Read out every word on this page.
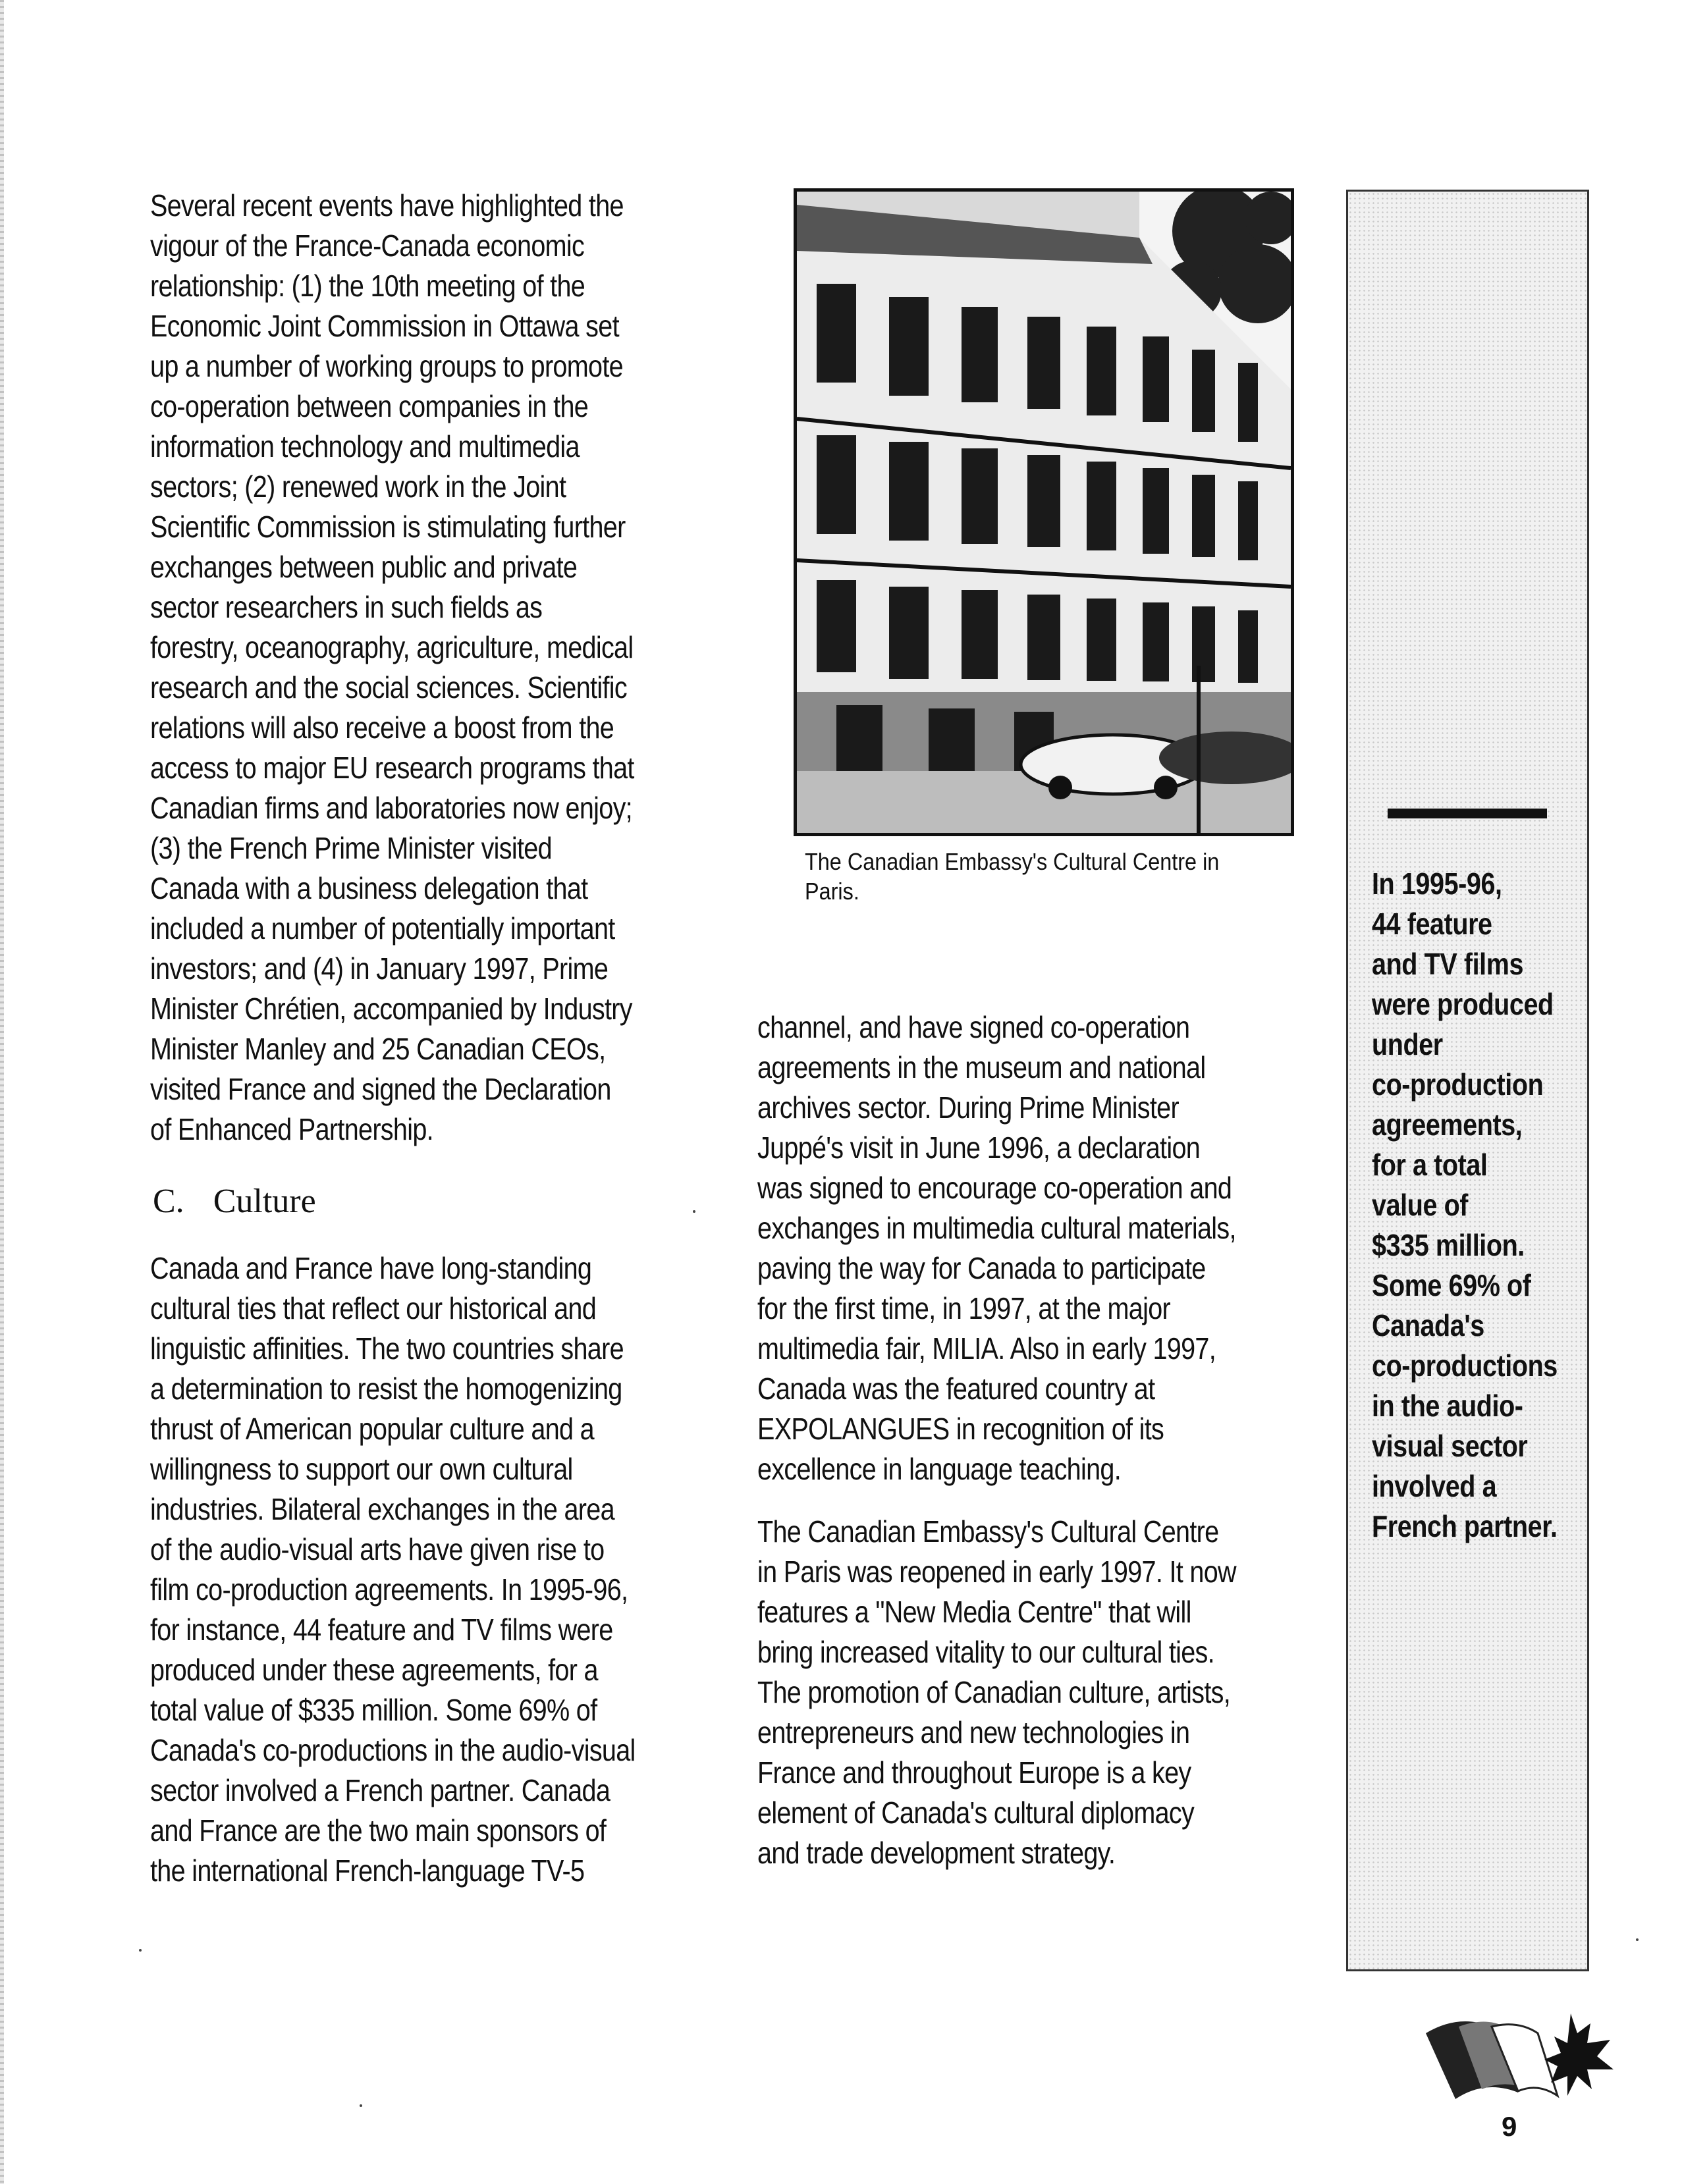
Several recent events have highlighted the
vigour of the France-Canada economic
relationship: (1) the 10th meeting of the
Economic Joint Commission in Ottawa set
up a number of working groups to promote
co-operation between companies in the
information technology and multimedia
sectors; (2) renewed work in the Joint
Scientific Commission is stimulating further
exchanges between public and private
sector researchers in such fields as
forestry, oceanography, agriculture, medical
research and the social sciences. Scientific
relations will also receive a boost from the
access to major EU research programs that
Canadian firms and laboratories now enjoy;
(3) the French Prime Minister visited
Canada with a business delegation that
included a number of potentially important
investors; and (4) in January 1997, Prime
Minister Chrétien, accompanied by Industry
Minister Manley and 25 Canadian CEOs,
visited France and signed the Declaration
of Enhanced Partnership.

C. Culture

Canada and France have long-standing
cultural ties that reflect our historical and
linguistic affinities. The two countries share
a determination to resist the homogenizing
thrust of American popular culture and a
willingness to support our own cultural
industries. Bilateral exchanges in the area
of the audio-visual arts have given rise to
film co-production agreements. In 1995-96,
for instance, 44 feature and TV films were
produced under these agreements, for a
total value of $335 million. Some 69% of
Canada's co-productions in the audio-visual
sector involved a French partner. Canada
and France are the two main sponsors of
the international French-language TV-5

The Canadian Embassy's Cultural Centre in
Paris.

channel, and have signed co-operation
agreements in the museum and national
archives sector. During Prime Minister
Juppé's visit in June 1996, a declaration
was signed to encourage co-operation and
exchanges in multimedia cultural materials,
paving the way for Canada to participate
for the first time, in 1997, at the major
multimedia fair, MILIA. Also in early 1997,
Canada was the featured country at
EXPOLANGUES in recognition of its
excellence in language teaching.

The Canadian Embassy's Cultural Centre
in Paris was reopened in early 1997. It now
features a "New Media Centre" that will
bring increased vitality to our cultural ties.
The promotion of Canadian culture, artists,
entrepreneurs and new technologies in
France and throughout Europe is a key
element of Canada's cultural diplomacy
and trade development strategy.

In 1995-96,
44 feature
and TV films
were produced
under
co-production
agreements,
for a total
value of
$335 million.
Some 69% of
Canada's
co-productions
in the audio-
visual sector
involved a
French partner.
9
